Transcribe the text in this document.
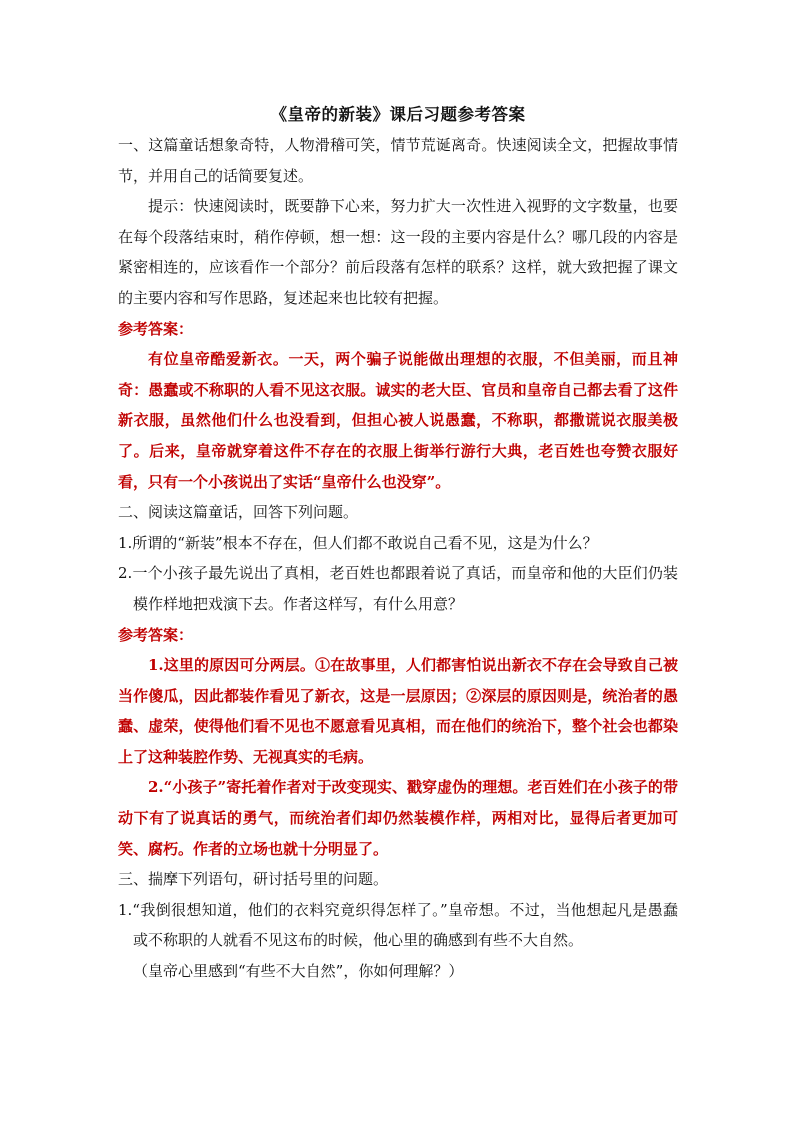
《皇帝的新装》课后习题参考答案

一、这篇童话想象奇特，人物滑稽可笑，情节荒诞离奇。快速阅读全文，把握故事情节，并用自己的话简要复述。

提示：快速阅读时，既要静下心来，努力扩大一次性进入视野的文字数量，也要在每个段落结束时，稍作停顿，想一想：这一段的主要内容是什么？哪几段的内容是紧密相连的，应该看作一个部分？前后段落有怎样的联系？这样，就大致把握了课文的主要内容和写作思路，复述起来也比较有把握。

参考答案：

有位皇帝酷爱新衣。一天，两个骗子说能做出理想的衣服，不但美丽，而且神奇：愚蠢或不称职的人看不见这衣服。诚实的老大臣、官员和皇帝自己都去看了这件新衣服，虽然他们什么也没看到，但担心被人说愚蠢，不称职，都撒谎说衣服美极了。后来，皇帝就穿着这件不存在的衣服上街举行游行大典，老百姓也夸赞衣服好看，只有一个小孩说出了实话“皇帝什么也没穿”。

二、阅读这篇童话，回答下列问题。

1.所谓的“新装”根本不存在，但人们都不敢说自己看不见，这是为什么？

2.一个小孩子最先说出了真相，老百姓也都跟着说了真话，而皇帝和他的大臣们仍装模作样地把戏演下去。作者这样写，有什么用意？

参考答案：

1.这里的原因可分两层。①在故事里，人们都害怕说出新衣不存在会导致自己被当作傻瓜，因此都装作看见了新衣，这是一层原因；②深层的原因则是，统治者的愚蠢、虚荣，使得他们看不见也不愿意看见真相，而在他们的统治下，整个社会也都染上了这种装腔作势、无视真实的毛病。

2.“小孩子”寄托着作者对于改变现实、戳穿虚伪的理想。老百姓们在小孩子的带动下有了说真话的勇气，而统治者们却仍然装模作样，两相对比，显得后者更加可笑、腐朽。作者的立场也就十分明显了。

三、揣摩下列语句，研讨括号里的问题。

1.“我倒很想知道，他们的衣料究竟织得怎样了。”皇帝想。不过，当他想起凡是愚蠢或不称职的人就看不见这布的时候，他心里的确感到有些不大自然。

（皇帝心里感到“有些不大自然”，你如何理解？）
